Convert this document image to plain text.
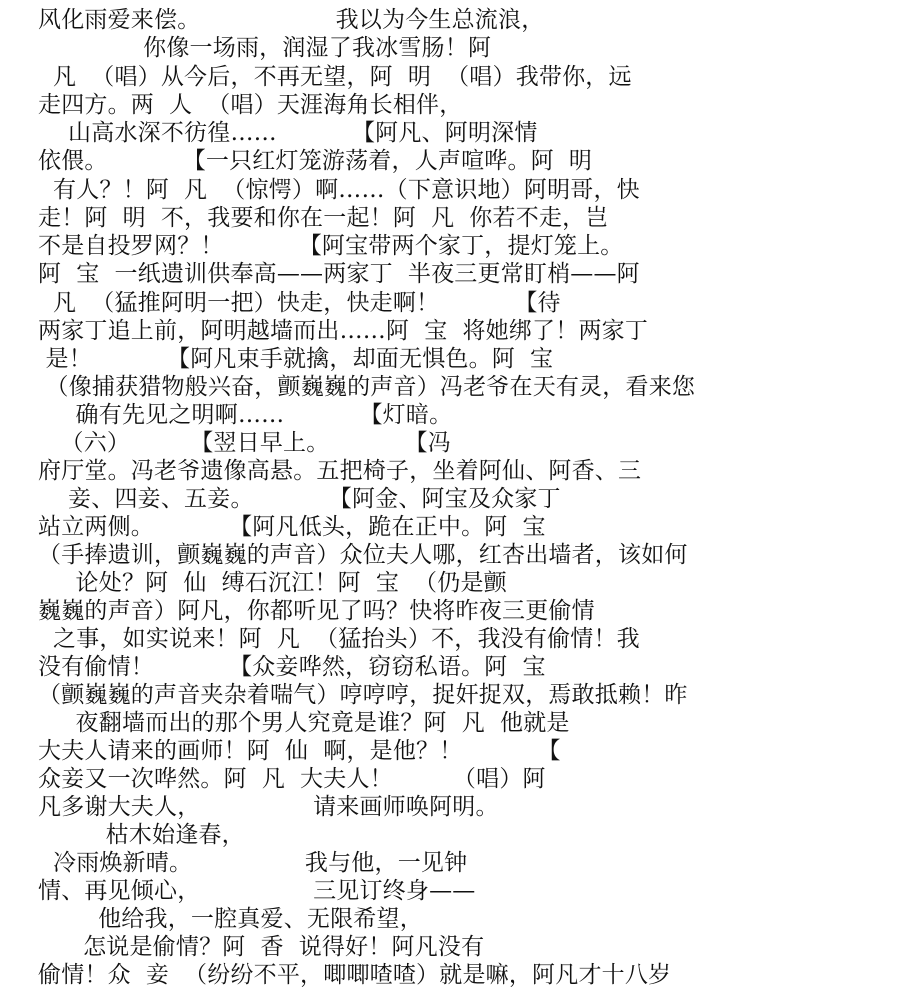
风化雨爱来偿。                  我以为今生总流浪，
你像一场雨，润湿了我冰雪肠！阿
凡  （唱）从今后，不再无望，阿  明  （唱）我带你，远
走四方。两  人  （唱）天涯海角长相伴，
山高水深不彷徨……          【阿凡、阿明深情
依偎。          【一只红灯笼游荡着，人声喧哗。阿  明
有人？！阿  凡  （惊愕）啊……（下意识地）阿明哥，快
走！阿  明  不，我要和你在一起！阿  凡  你若不走，岂
不是自投罗网？！          【阿宝带两个家丁，提灯笼上。
阿  宝  一纸遗训供奉高——两家丁  半夜三更常盯梢——阿
凡  （猛推阿明一把）快走，快走啊！          【待
两家丁追上前，阿明越墙而出……阿  宝  将她绑了！两家丁
是！          【阿凡束手就擒，却面无惧色。阿  宝
（像捕获猎物般兴奋，颤巍巍的声音）冯老爷在天有灵，看来您
确有先见之明啊……          【灯暗。
（六）        【翌日早上。          【冯
府厅堂。冯老爷遗像高悬。五把椅子，坐着阿仙、阿香、三
妾、四妾、五妾。          【阿金、阿宝及众家丁
站立两侧。          【阿凡低头，跪在正中。阿  宝
（手捧遗训，颤巍巍的声音）众位夫人哪，红杏出墙者，该如何
论处？阿  仙  缚石沉江！阿  宝  （仍是颤
巍巍的声音）阿凡，你都听见了吗？快将昨夜三更偷情
之事，如实说来！阿  凡  （猛抬头）不，我没有偷情！我
没有偷情！          【众妾哗然，窃窃私语。阿  宝
（颤巍巍的声音夹杂着喘气）哼哼哼，捉奸捉双，焉敢抵赖！昨
夜翻墙而出的那个男人究竟是谁？阿  凡  他就是
大夫人请来的画师！阿  仙  啊，是他？！          【
众妾又一次哗然。阿  凡  大夫人！        （唱）阿
凡多谢大夫人，               请来画师唤阿明。
枯木始逢春，
冷雨焕新晴。               我与他，一见钟
情、再见倾心，               三见订终身——
他给我，一腔真爱、无限希望，
怎说是偷情？阿  香  说得好！阿凡没有
偷情！众  妾  （纷纷不平，唧唧喳喳）就是嘛，阿凡才十八岁
